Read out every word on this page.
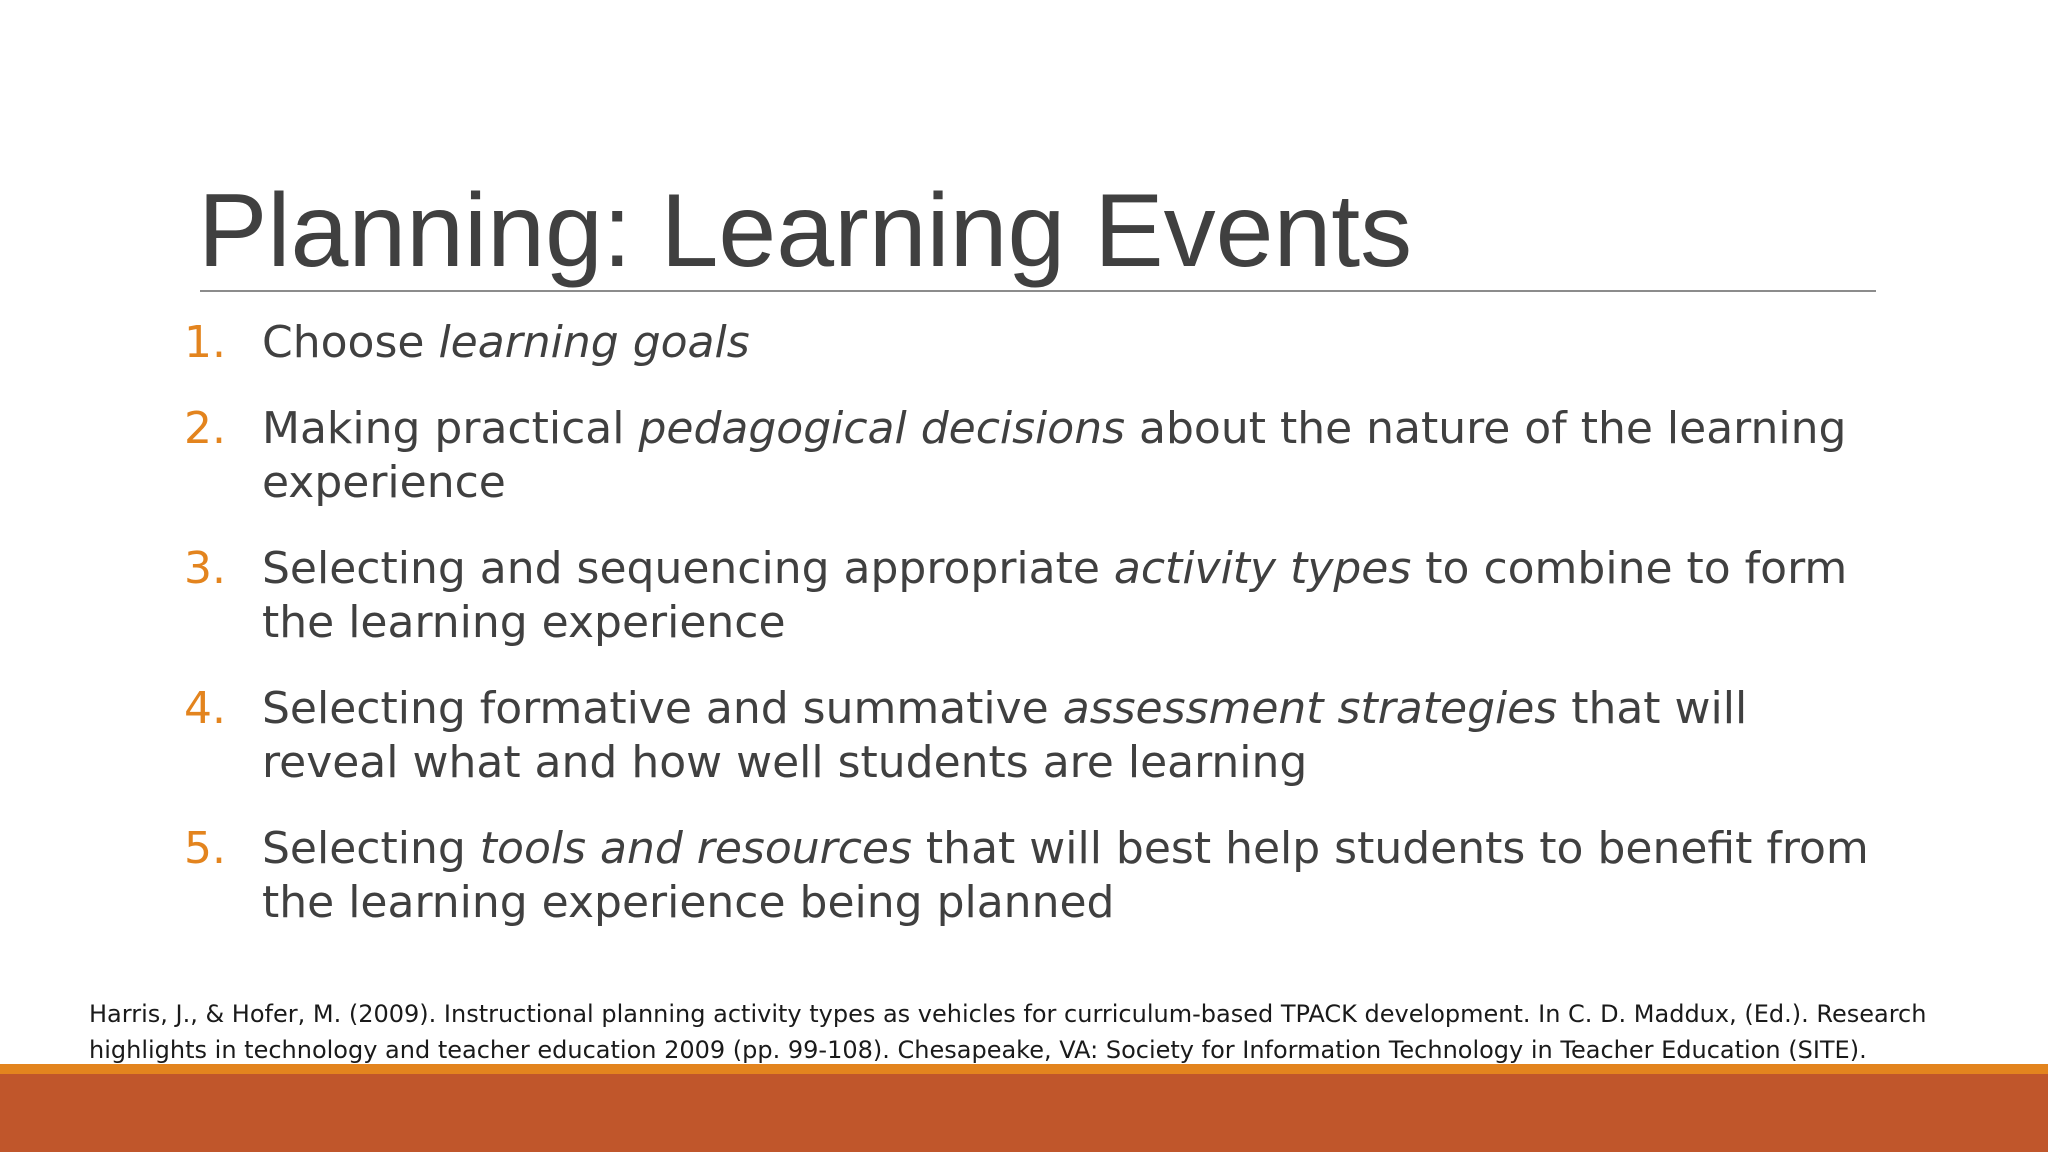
Planning: Learning Events
1. Choose learning goals
2. Making practical pedagogical decisions about the nature of the learning experience
3. Selecting and sequencing appropriate activity types to combine to form the learning experience
4. Selecting formative and summative assessment strategies that will reveal what and how well students are learning
5. Selecting tools and resources that will best help students to benefit from the learning experience being planned
Harris, J., & Hofer, M. (2009). Instructional planning activity types as vehicles for curriculum-based TPACK development. In C. D. Maddux, (Ed.). Research
highlights in technology and teacher education 2009 (pp. 99-108). Chesapeake, VA: Society for Information Technology in Teacher Education (SITE).
